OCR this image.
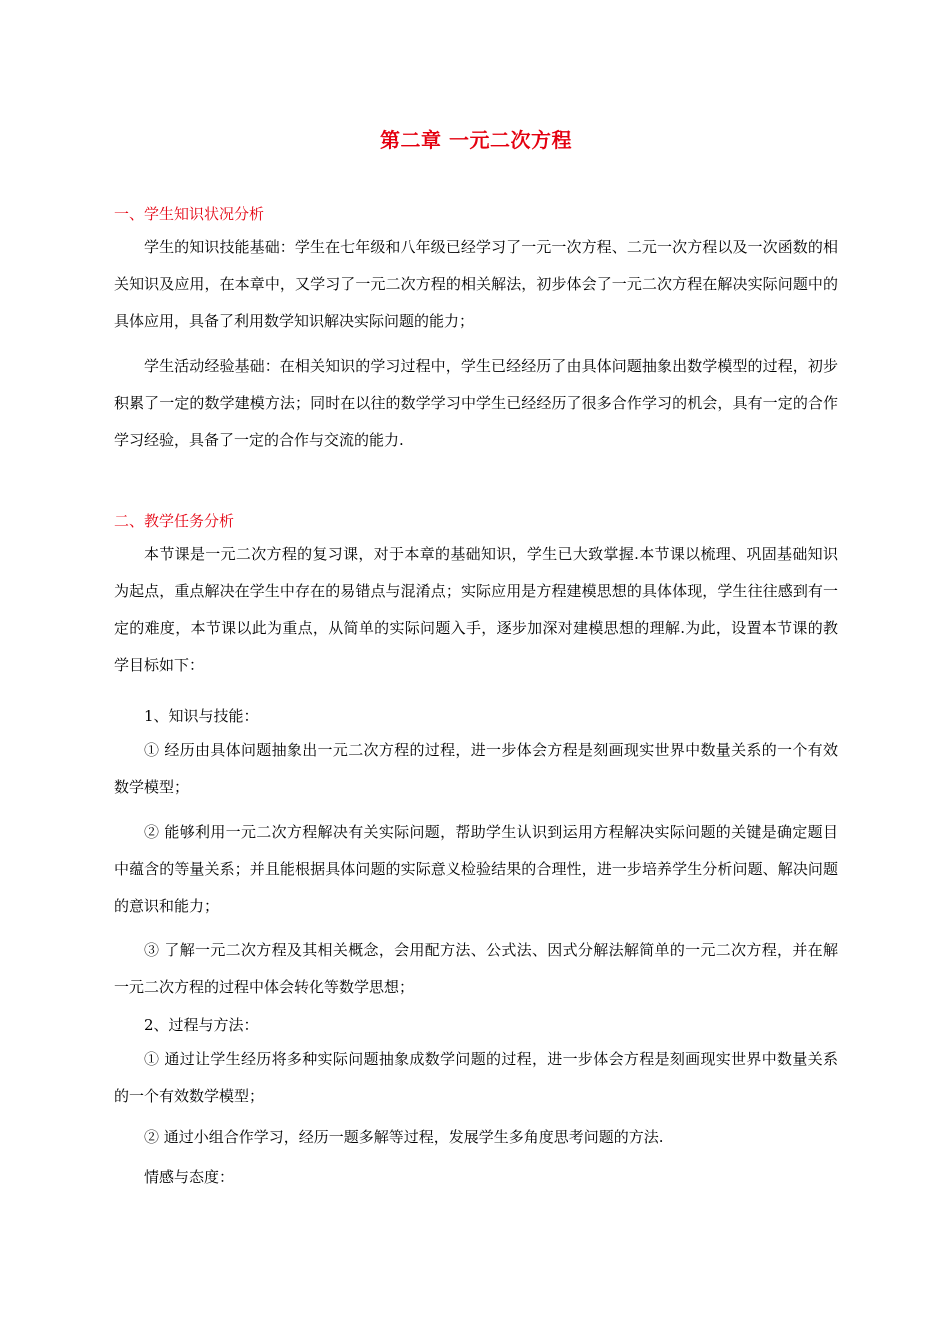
第二章 一元二次方程
一、学生知识状况分析
学生的知识技能基础：学生在七年级和八年级已经学习了一元一次方程、二元一次方程以及一次函数的相关知识及应用，在本章中，又学习了一元二次方程的相关解法，初步体会了一元二次方程在解决实际问题中的具体应用，具备了利用数学知识解决实际问题的能力；
学生活动经验基础：在相关知识的学习过程中，学生已经经历了由具体问题抽象出数学模型的过程，初步积累了一定的数学建模方法；同时在以往的数学学习中学生已经经历了很多合作学习的机会，具有一定的合作学习经验，具备了一定的合作与交流的能力.
二、教学任务分析
本节课是一元二次方程的复习课，对于本章的基础知识，学生已大致掌握.本节课以梳理、巩固基础知识为起点，重点解决在学生中存在的易错点与混淆点；实际应用是方程建模思想的具体体现，学生往往感到有一定的难度，本节课以此为重点，从简单的实际问题入手，逐步加深对建模思想的理解.为此，设置本节课的教学目标如下：
1、知识与技能：
① 经历由具体问题抽象出一元二次方程的过程，进一步体会方程是刻画现实世界中数量关系的一个有效数学模型；
② 能够利用一元二次方程解决有关实际问题，帮助学生认识到运用方程解决实际问题的关键是确定题目中蕴含的等量关系；并且能根据具体问题的实际意义检验结果的合理性，进一步培养学生分析问题、解决问题的意识和能力；
③ 了解一元二次方程及其相关概念，会用配方法、公式法、因式分解法解简单的一元二次方程，并在解一元二次方程的过程中体会转化等数学思想；
2、过程与方法：
① 通过让学生经历将多种实际问题抽象成数学问题的过程，进一步体会方程是刻画现实世界中数量关系的一个有效数学模型；
② 通过小组合作学习，经历一题多解等过程，发展学生多角度思考问题的方法.
情感与态度：
